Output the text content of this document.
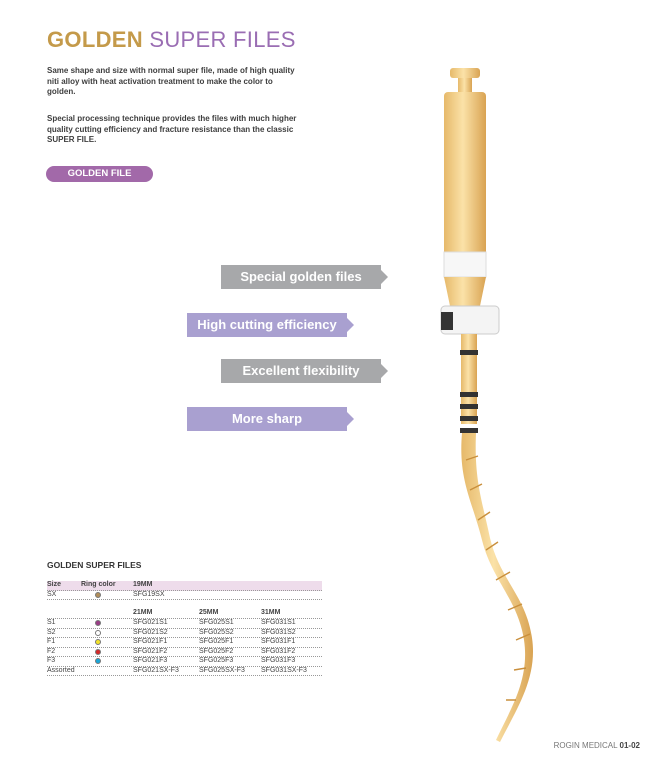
GOLDEN SUPER FILES

Same shape and size with normal super file, made of high quality niti alloy with heat activation treatment to make the color to golden.

Special processing technique provides the files with much higher quality cutting efficiency and fracture resistance than the classic SUPER FILE.

GOLDEN FILE
Special golden files
High cutting efficiency
Excellent flexibility
More sharp
GOLDEN SUPER FILES
Size	Ring color 19MM
SX	SFG19SX
21MM	25MM	31MM
S1	SFG021S1	SFG025S1	SFG031S1
S2	SFG021S2	SFG025S2	SFG031S2
F1	SFG021F1	SFG025F1	SFG031F1
F2	SFG021F2	SFG025F2	SFG031F2
F3	SFG021F3	SFG025F3	SFG031F3
Assorted	SFG021SX-F3	SFG025SX-F3 SFG031SX-F3
ROGIN MEDICAL 01-02
